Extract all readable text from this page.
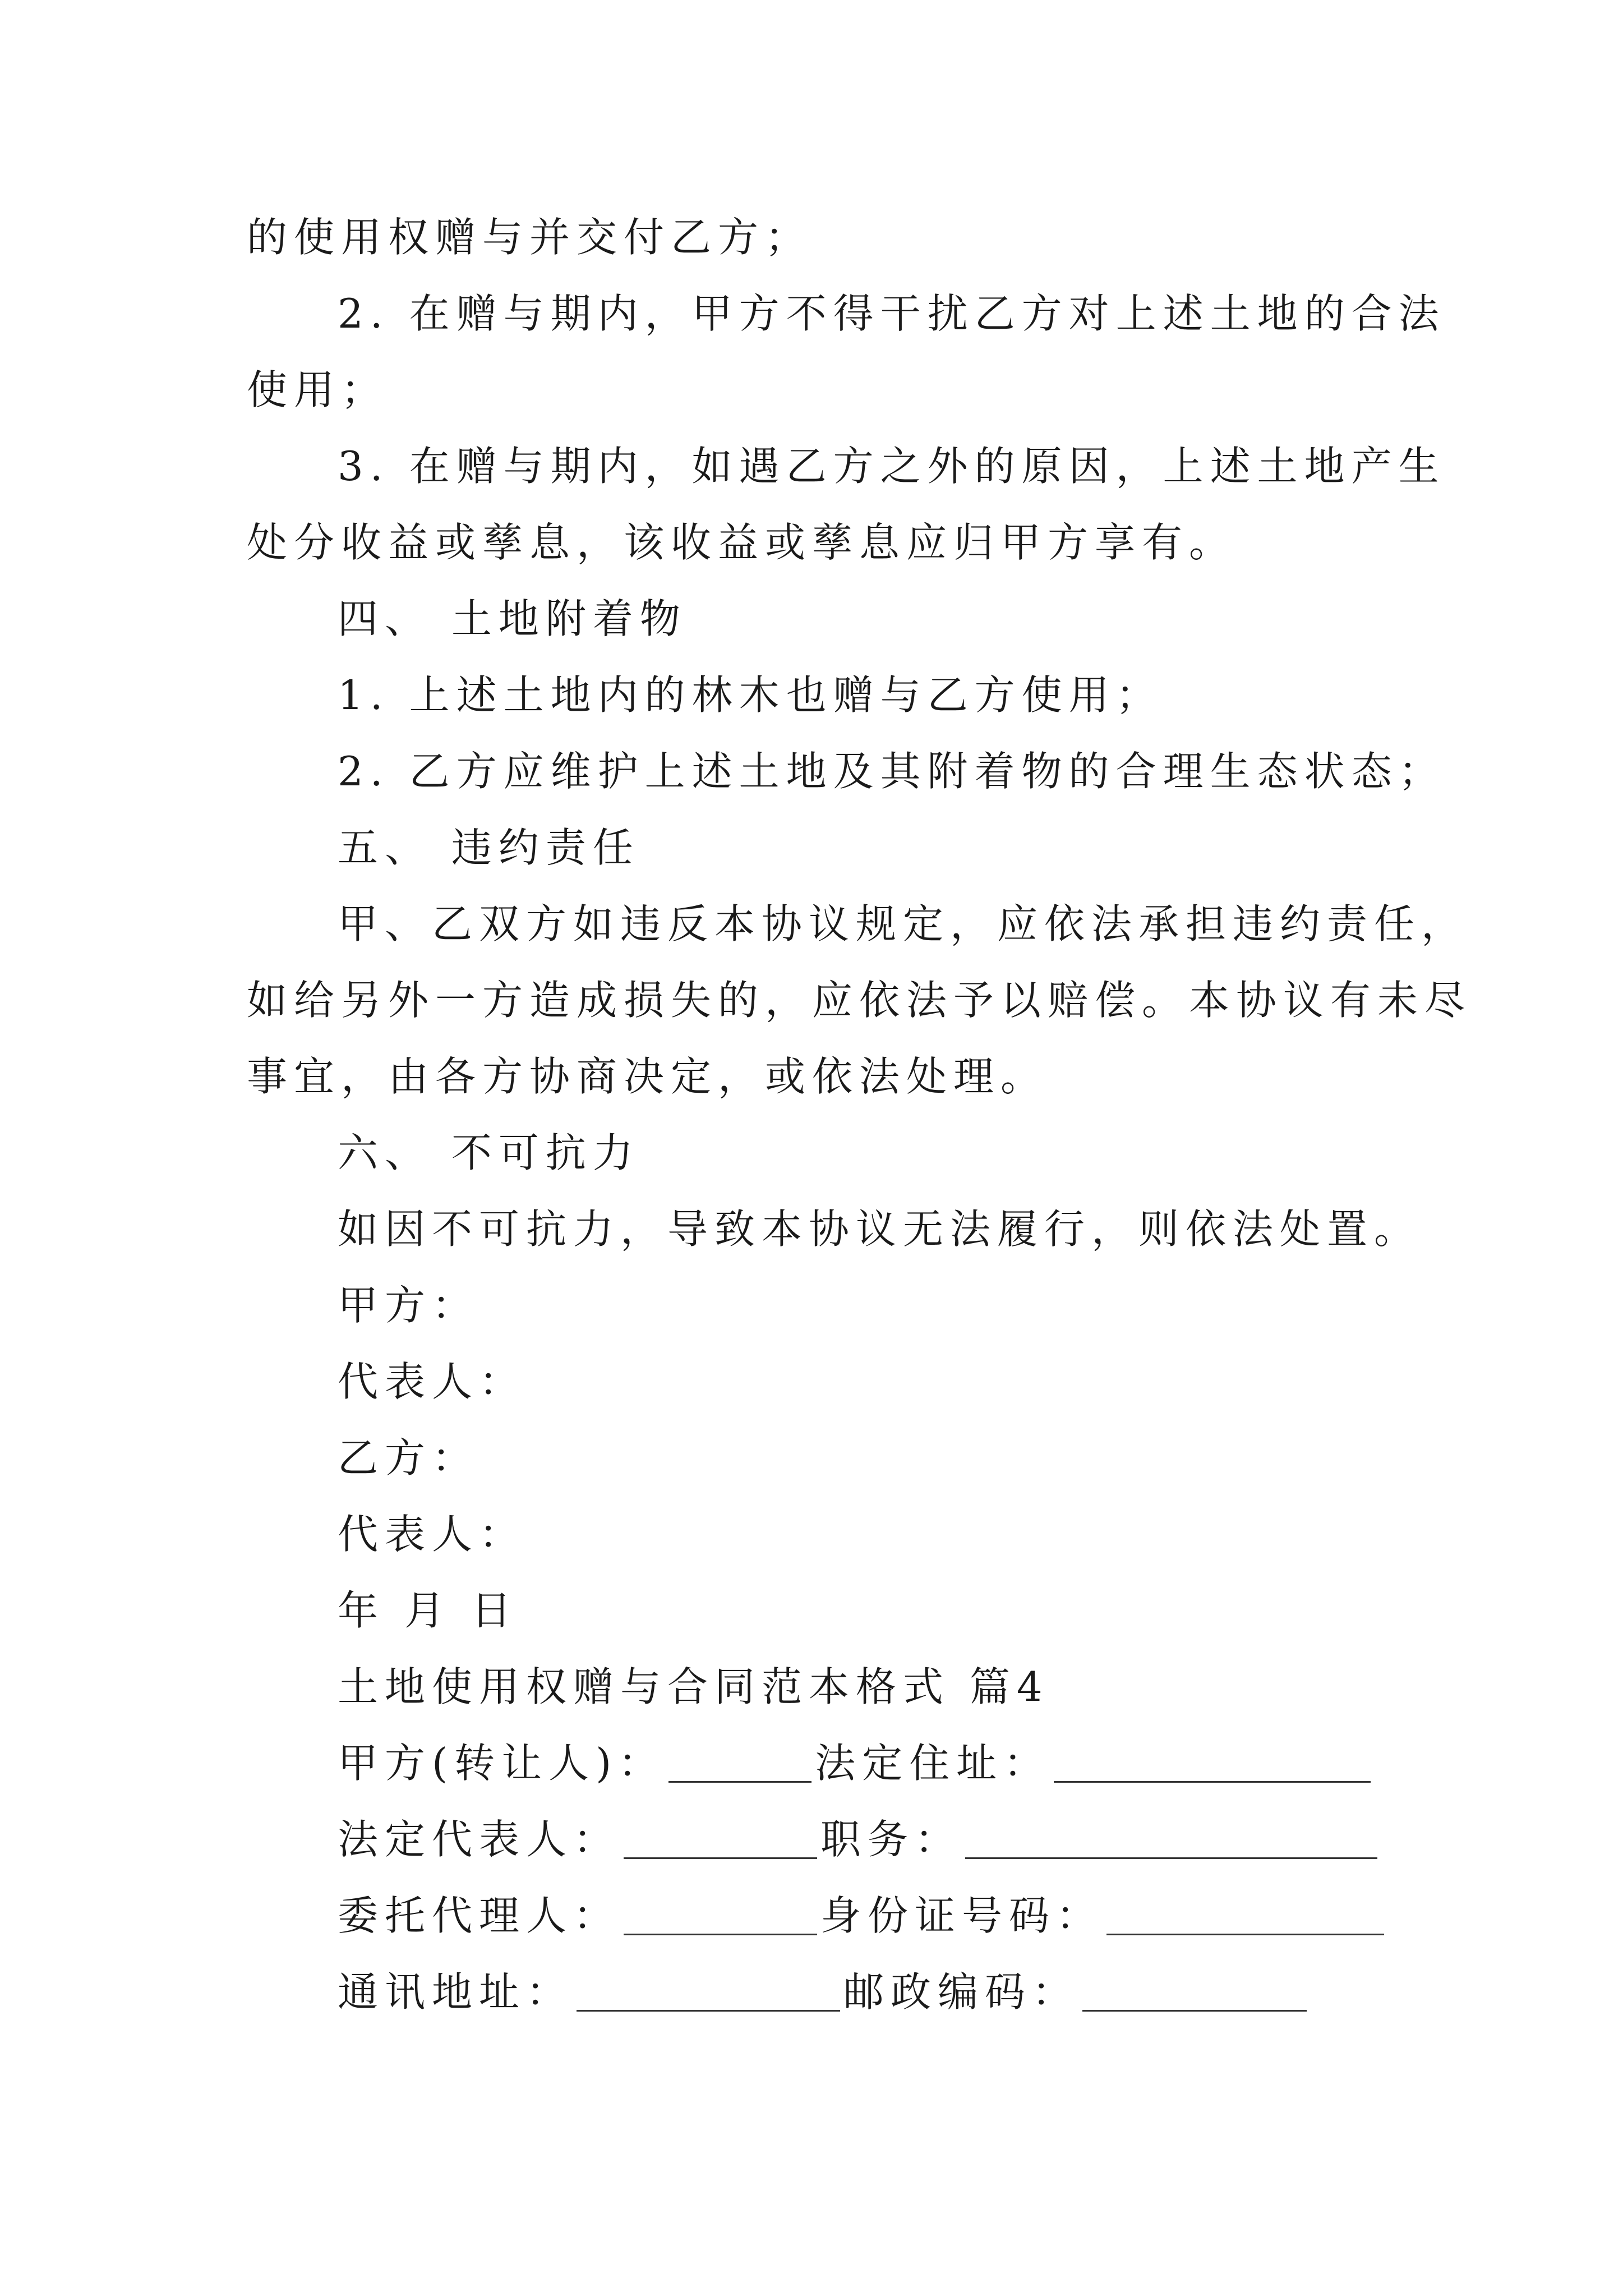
的使用权赠与并交付乙方；
2. 在赠与期内，甲方不得干扰乙方对上述土地的合法
使用；
3. 在赠与期内，如遇乙方之外的原因，上述土地产生
处分收益或孳息，该收益或孳息应归甲方享有。
四、 土地附着物
1. 上述土地内的林木也赠与乙方使用；
2. 乙方应维护上述土地及其附着物的合理生态状态；
五、 违约责任
甲、乙双方如违反本协议规定，应依法承担违约责任，
如给另外一方造成损失的，应依法予以赔偿。本协议有未尽
事宜，由各方协商决定，或依法处理。
六、 不可抗力
如因不可抗力，导致本协议无法履行，则依法处置。
甲方：
代表人：
乙方：
代表人：
年 月 日
土地使用权赠与合同范本格式 篇4
甲方(转让人)：	法定住址：
法定代表人：	职务：
委托代理人：	身份证号码：
通讯地址：	邮政编码：
